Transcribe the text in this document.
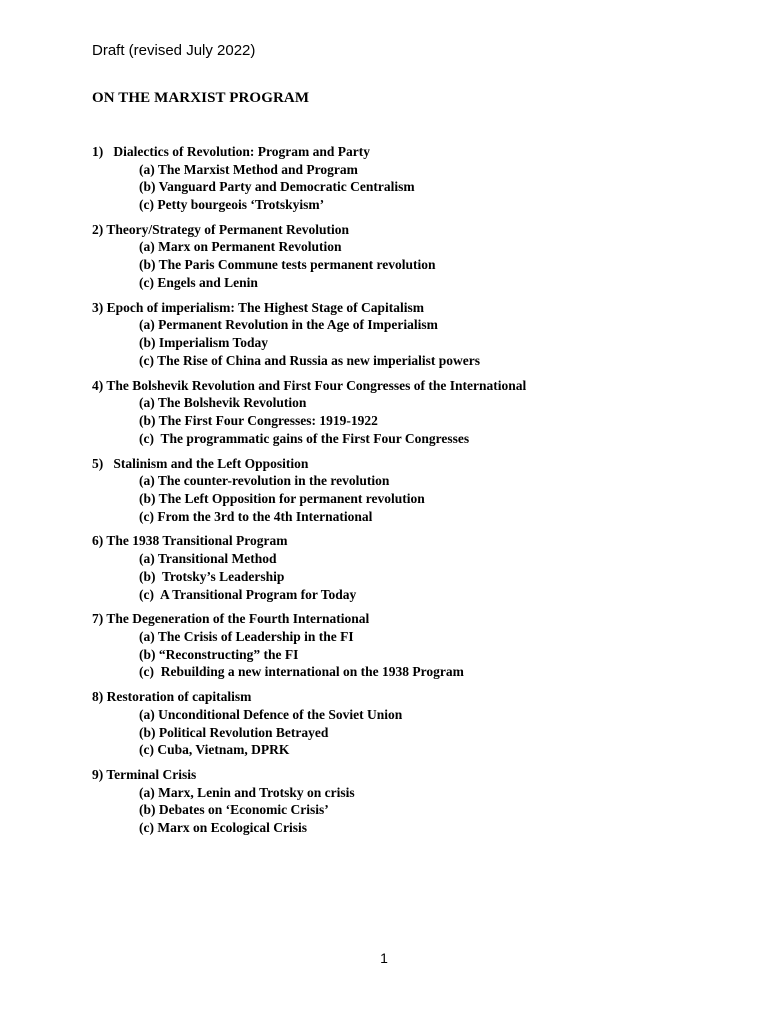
Draft (revised July 2022)
ON THE MARXIST PROGRAM
1)   Dialectics of Revolution: Program and Party
(a) The Marxist Method and Program
(b) Vanguard Party and Democratic Centralism
(c) Petty bourgeois ‘Trotskyism’
2) Theory/Strategy of Permanent Revolution
(a) Marx on Permanent Revolution
(b) The Paris Commune tests permanent revolution
(c) Engels and Lenin
3) Epoch of imperialism: The Highest Stage of Capitalism
(a) Permanent Revolution in the Age of Imperialism
(b) Imperialism Today
(c) The Rise of China and Russia as new imperialist powers
4) The Bolshevik Revolution and First Four Congresses of the International
(a) The Bolshevik Revolution
(b) The First Four Congresses: 1919-1922
(c)  The programmatic gains of the First Four Congresses
5)   Stalinism and the Left Opposition
(a) The counter-revolution in the revolution
(b) The Left Opposition for permanent revolution
(c) From the 3rd to the 4th International
6) The 1938 Transitional Program
(a) Transitional Method
(b)  Trotsky’s Leadership
(c)  A Transitional Program for Today
7) The Degeneration of the Fourth International
(a) The Crisis of Leadership in the FI
(b) “Reconstructing” the FI
(c)  Rebuilding a new international on the 1938 Program
8) Restoration of capitalism
(a) Unconditional Defence of the Soviet Union
(b) Political Revolution Betrayed
(c) Cuba, Vietnam, DPRK
9) Terminal Crisis
(a) Marx, Lenin and Trotsky on crisis
(b) Debates on ‘Economic Crisis’
(c) Marx on Ecological Crisis
1
